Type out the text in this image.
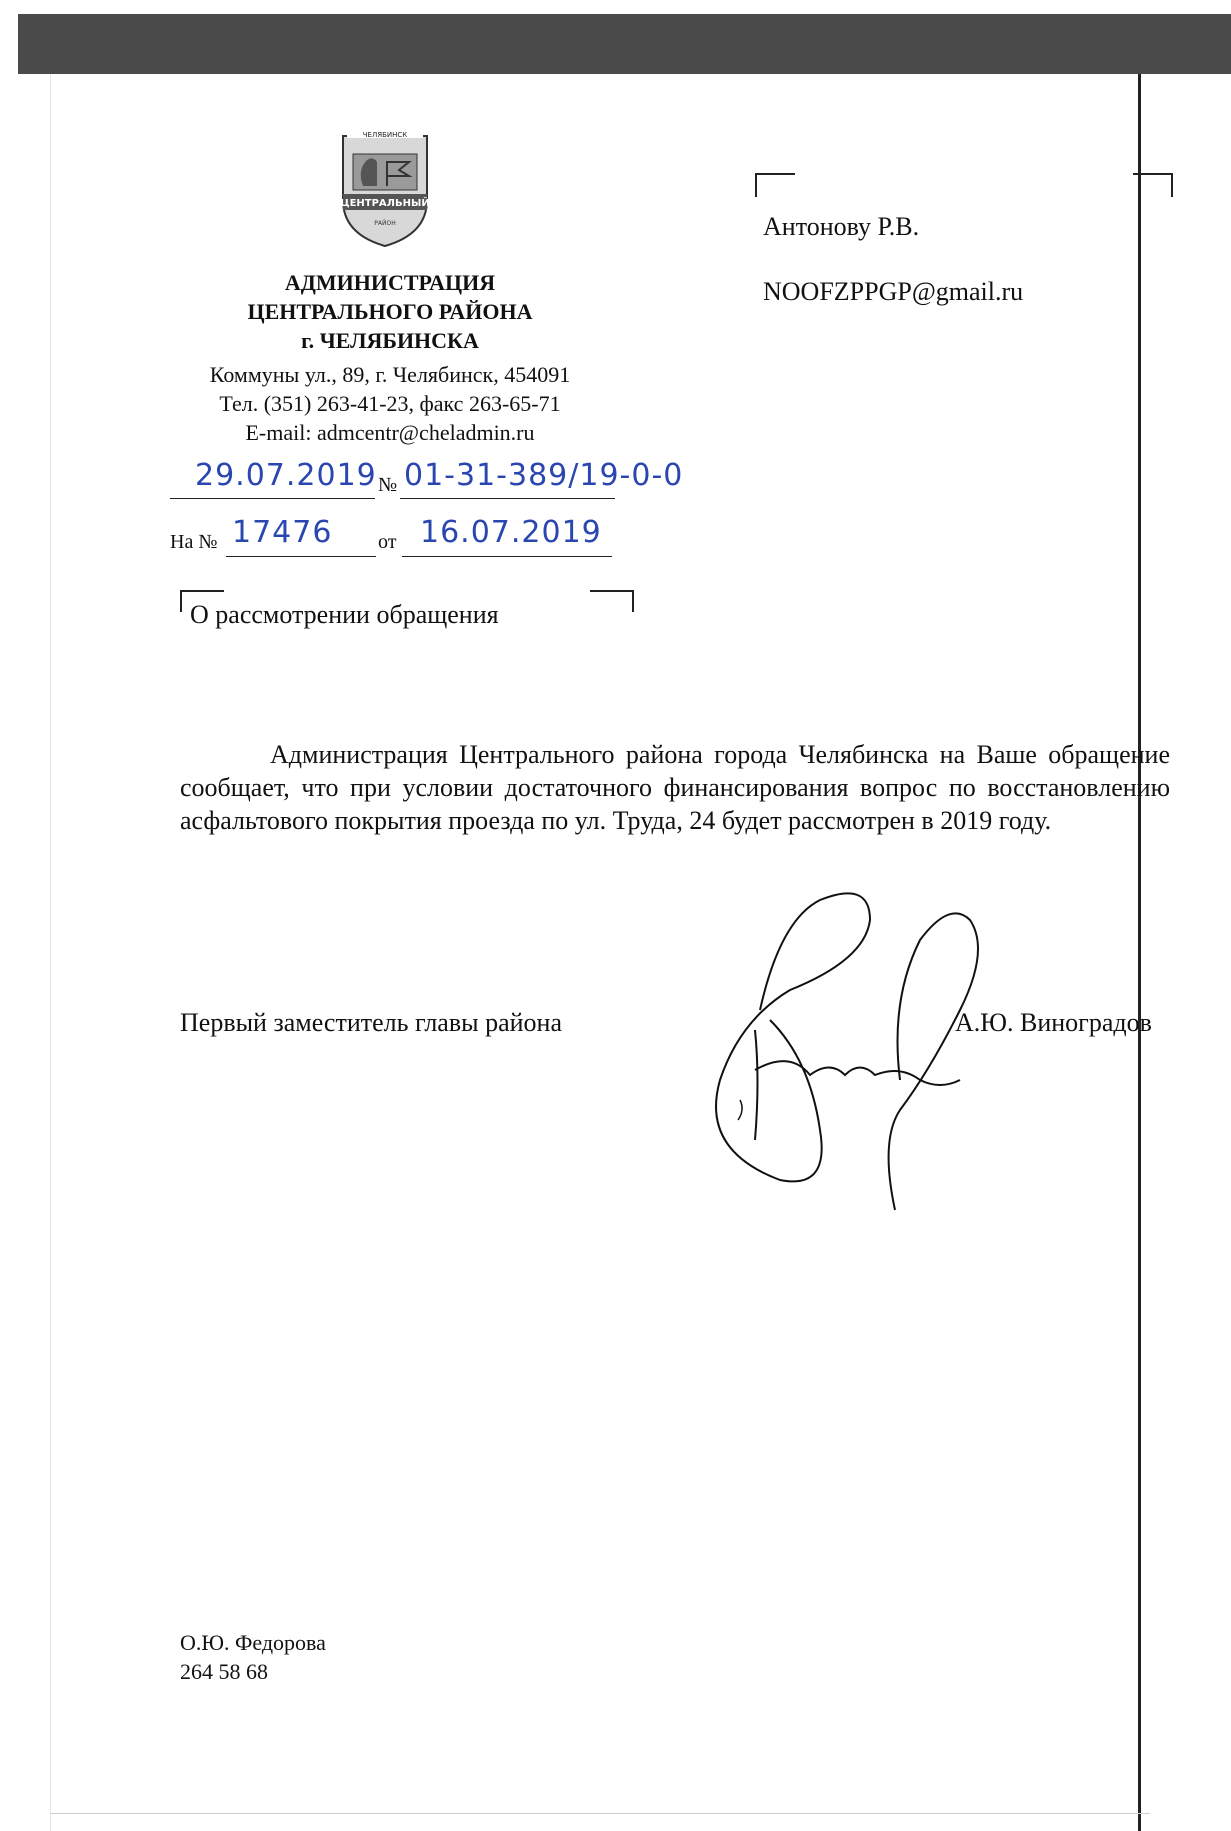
ЧЕЛЯБИНСК
ЦЕНТРАЛЬНЫЙ
РАЙОН
АДМИНИСТРАЦИЯ
ЦЕНТРАЛЬНОГО РАЙОНА
г. ЧЕЛЯБИНСКА
Коммуны ул., 89, г. Челябинск, 454091
Тел. (351) 263-41-23, факс 263-65-71
E-mail: admcentr@cheladmin.ru
29.07.2019 № 01-31-389/19-0-0
На № 17476 от 16.07.2019
Антонову Р.В.
NOOFZPPGP@gmail.ru
О рассмотрении обращения
Администрация Центрального района города Челябинска на Ваше обращение сообщает, что при условии достаточного финансирования вопрос по восстановлению асфальтового покрытия проезда по ул. Труда, 24 будет рассмотрен в 2019 году.
Первый заместитель главы района	А.Ю. Виноградов
О.Ю. Федорова
264 58 68
